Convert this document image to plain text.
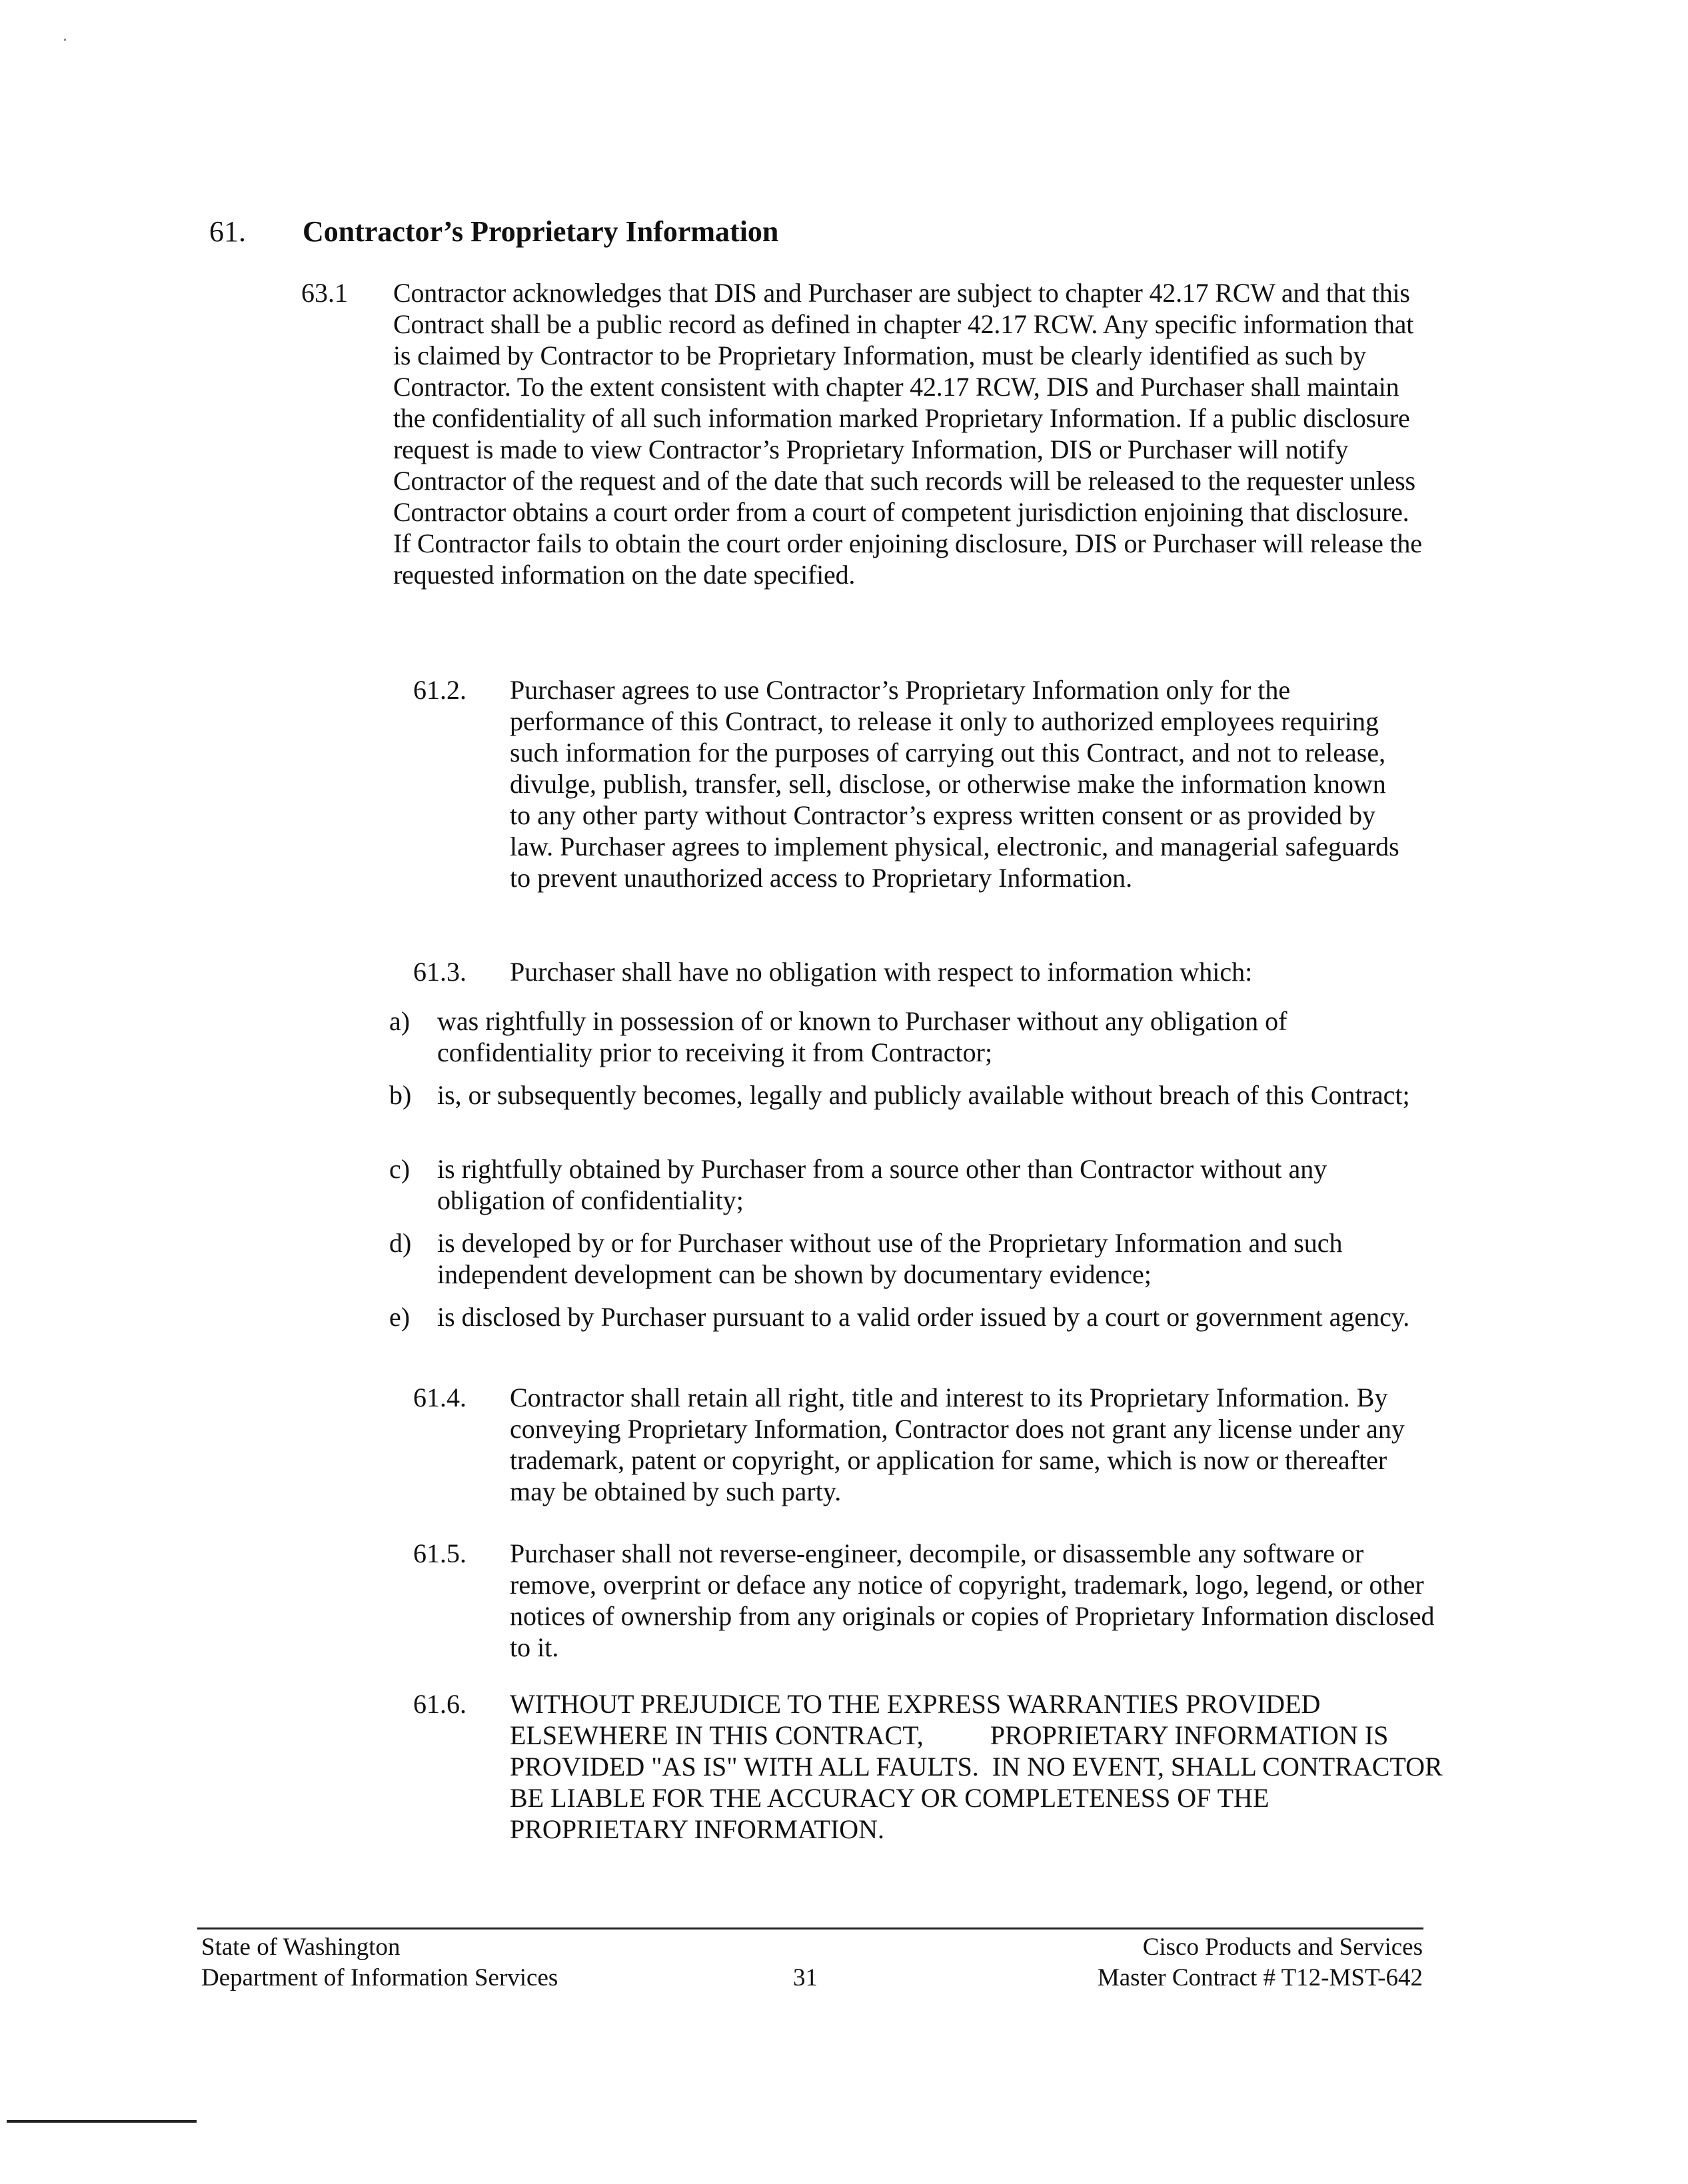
61. Contractor’s Proprietary Information
63.1 Contractor acknowledges that DIS and Purchaser are subject to chapter 42.17 RCW and that this Contract shall be a public record as defined in chapter 42.17 RCW. Any specific information that is claimed by Contractor to be Proprietary Information, must be clearly identified as such by Contractor. To the extent consistent with chapter 42.17 RCW, DIS and Purchaser shall maintain the confidentiality of all such information marked Proprietary Information. If a public disclosure request is made to view Contractor’s Proprietary Information, DIS or Purchaser will notify Contractor of the request and of the date that such records will be released to the requester unless Contractor obtains a court order from a court of competent jurisdiction enjoining that disclosure. If Contractor fails to obtain the court order enjoining disclosure, DIS or Purchaser will release the requested information on the date specified.

61.2. Purchaser agrees to use Contractor’s Proprietary Information only for the performance of this Contract, to release it only to authorized employees requiring such information for the purposes of carrying out this Contract, and not to release, divulge, publish, transfer, sell, disclose, or otherwise make the information known to any other party without Contractor’s express written consent or as provided by law. Purchaser agrees to implement physical, electronic, and managerial safeguards to prevent unauthorized access to Proprietary Information.

61.3. Purchaser shall have no obligation with respect to information which:

a) was rightfully in possession of or known to Purchaser without any obligation of confidentiality prior to receiving it from Contractor;

b) is, or subsequently becomes, legally and publicly available without breach of this Contract;

c) is rightfully obtained by Purchaser from a source other than Contractor without any obligation of confidentiality;

d) is developed by or for Purchaser without use of the Proprietary Information and such independent development can be shown by documentary evidence;

e) is disclosed by Purchaser pursuant to a valid order issued by a court or government agency.

61.4. Contractor shall retain all right, title and interest to its Proprietary Information. By conveying Proprietary Information, Contractor does not grant any license under any trademark, patent or copyright, or application for same, which is now or thereafter may be obtained by such party.

61.5. Purchaser shall not reverse-engineer, decompile, or disassemble any software or remove, overprint or deface any notice of copyright, trademark, logo, legend, or other notices of ownership from any originals or copies of Proprietary Information disclosed to it.

61.6. WITHOUT PREJUDICE TO THE EXPRESS WARRANTIES PROVIDED ELSEWHERE IN THIS CONTRACT,          PROPRIETARY INFORMATION IS PROVIDED "AS IS" WITH ALL FAULTS.  IN NO EVENT, SHALL CONTRACTOR BE LIABLE FOR THE ACCURACY OR COMPLETENESS OF THE PROPRIETARY INFORMATION.

State of Washington
Department of Information Services	31
Cisco Products and Services
Master Contract # T12-MST-642
